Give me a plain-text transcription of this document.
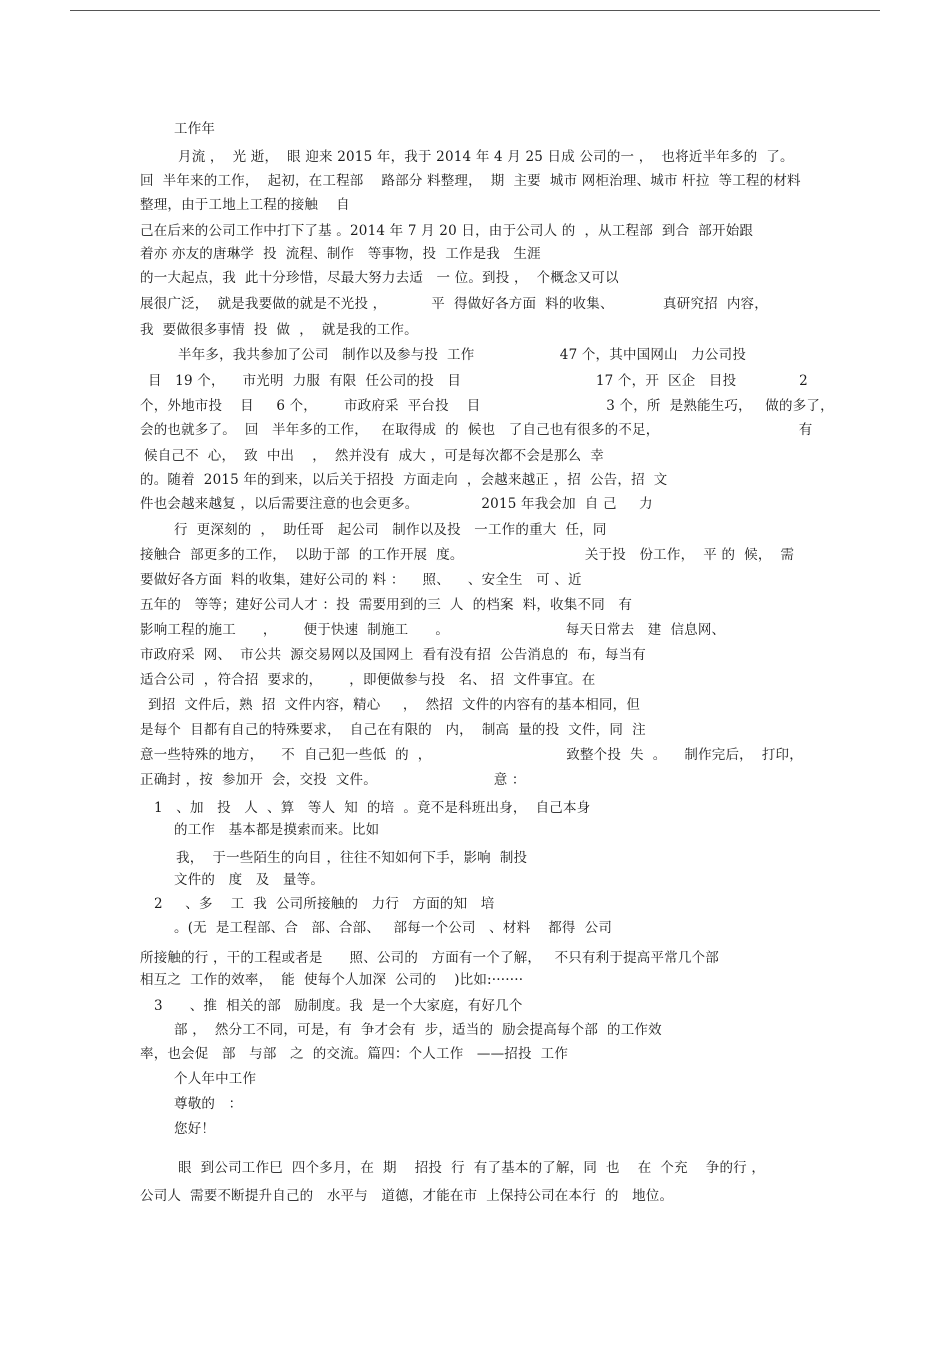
工作年
月流 ，  光 逝，  眼 迎来 2015 年，我于 2014 年 4 月 25 日成 公司的一 ，  也将近半年多的  了。
回  半年来的工作，  起初，在工程部    路部分 料整理，  期  主要  城市 网柜治理、城市 杆拉  等工程的材料
整理，由于工地上工程的接触    自
己在后来的公司工作中打下了基 。2014 年 7 月 20 日，由于公司人 的  ，从工程部  到合  部开始跟
着亦 亦友的唐琳学  投  流程、制作   等事物，投  工作是我   生涯
的一大起点，我  此十分珍惜，尽最大努力去适   一 位。到投 ，  个概念又可以
展很广泛，  就是我要做的就是不光投 ，          平  得做好各方面  料的收集、           真研究招  内容，
我  要做很多事情  投  做  ，  就是我的工作。
半年多，我共参加了公司   制作以及参与投  工作                   47 个，其中国网山   力公司投
目   19 个，    市光明  力服  有限  任公司的投   目                              17 个，开  区企   目投              2
个，外地市投    目     6 个，      市政府采  平台投    目                            3 个，所  是熟能生巧，   做的多了，
会的也就多了。  回   半年多的工作，   在取得成  的  候也   了自己也有很多的不足，                               有
候自己不  心，  致  中出    ，  然并没有  成大 ，可是每次都不会是那么  幸
的。随着  2015 年的到来，以后关于招投  方面走向  ，会越来越正 ，招  公告，招  文
件也会越来越复 ，以后需要注意的也会更多。              2015 年我会加  自 己     力
行  更深刻的  ，  助任哥   起公司   制作以及投   一工作的重大  任，同
接触合  部更多的工作，  以助于部  的工作开展  度。                           关于投   份工作，  平 的  候，  需
要做好各方面  料的收集，建好公司的 料 ：    照、    、安全生   可 、近
五年的   等等；建好公司人才 ：投  需要用到的三  人  的档案  料，收集不同   有
影响工程的施工      ，      便于快速  制施工      。                          每天日常去   建  信息网、
市政府采  网、  市公共  源交易网以及国网上  看有没有招  公告消息的  布，每当有
适合公司  ，符合招  要求的，      ，即便做参与投   名、 招  文件事宜。在
到招  文件后，熟  招  文件内容，精心     ，  然招  文件的内容有的基本相同，但
是每个  目都有自己的特殊要求，  自己在有限的   内，  制高  量的投  文件，同  注
意一些特殊的地方，    不  自己犯一些低  的  ，                              致整个投  失  。    制作完后，  打印，
正确封 ，按  参加开  会，交投  文件。                          意 ：
1   、加   投   人  、算   等人  知  的培  。竟不是科班出身，  自己本身
的工作   基本都是摸索而来。比如
我，  于一些陌生的向目 ，往往不知如何下手，影响  制投
文件的   度   及   量等。
2     、多    工  我  公司所接触的   力行   方面的知   培
。(无  是工程部、合   部、合部、   部每一个公司   、材料    都得  公司
所接触的行 ，干的工程或者是      照、公司的   方面有一个了解，   不只有利于提高平常几个部
相互之  工作的效率，  能  使每个人加深  公司的    )比如:·······
3      、推  相关的部   励制度。我  是一个大家庭，有好几个
部 ，  然分工不同，可是，有  争才会有  步，适当的  励会提高每个部  的工作效
率，也会促   部   与部   之  的交流。篇四：个人工作   ——招投  工作
个人年中工作
尊敬的   ：
您好！
眼  到公司工作巳  四个多月，在  期    招投  行  有了基本的了解，同  也    在  个充    争的行 ，
公司人  需要不断提升自己的   水平与   道德，才能在市  上保持公司在本行  的   地位。
